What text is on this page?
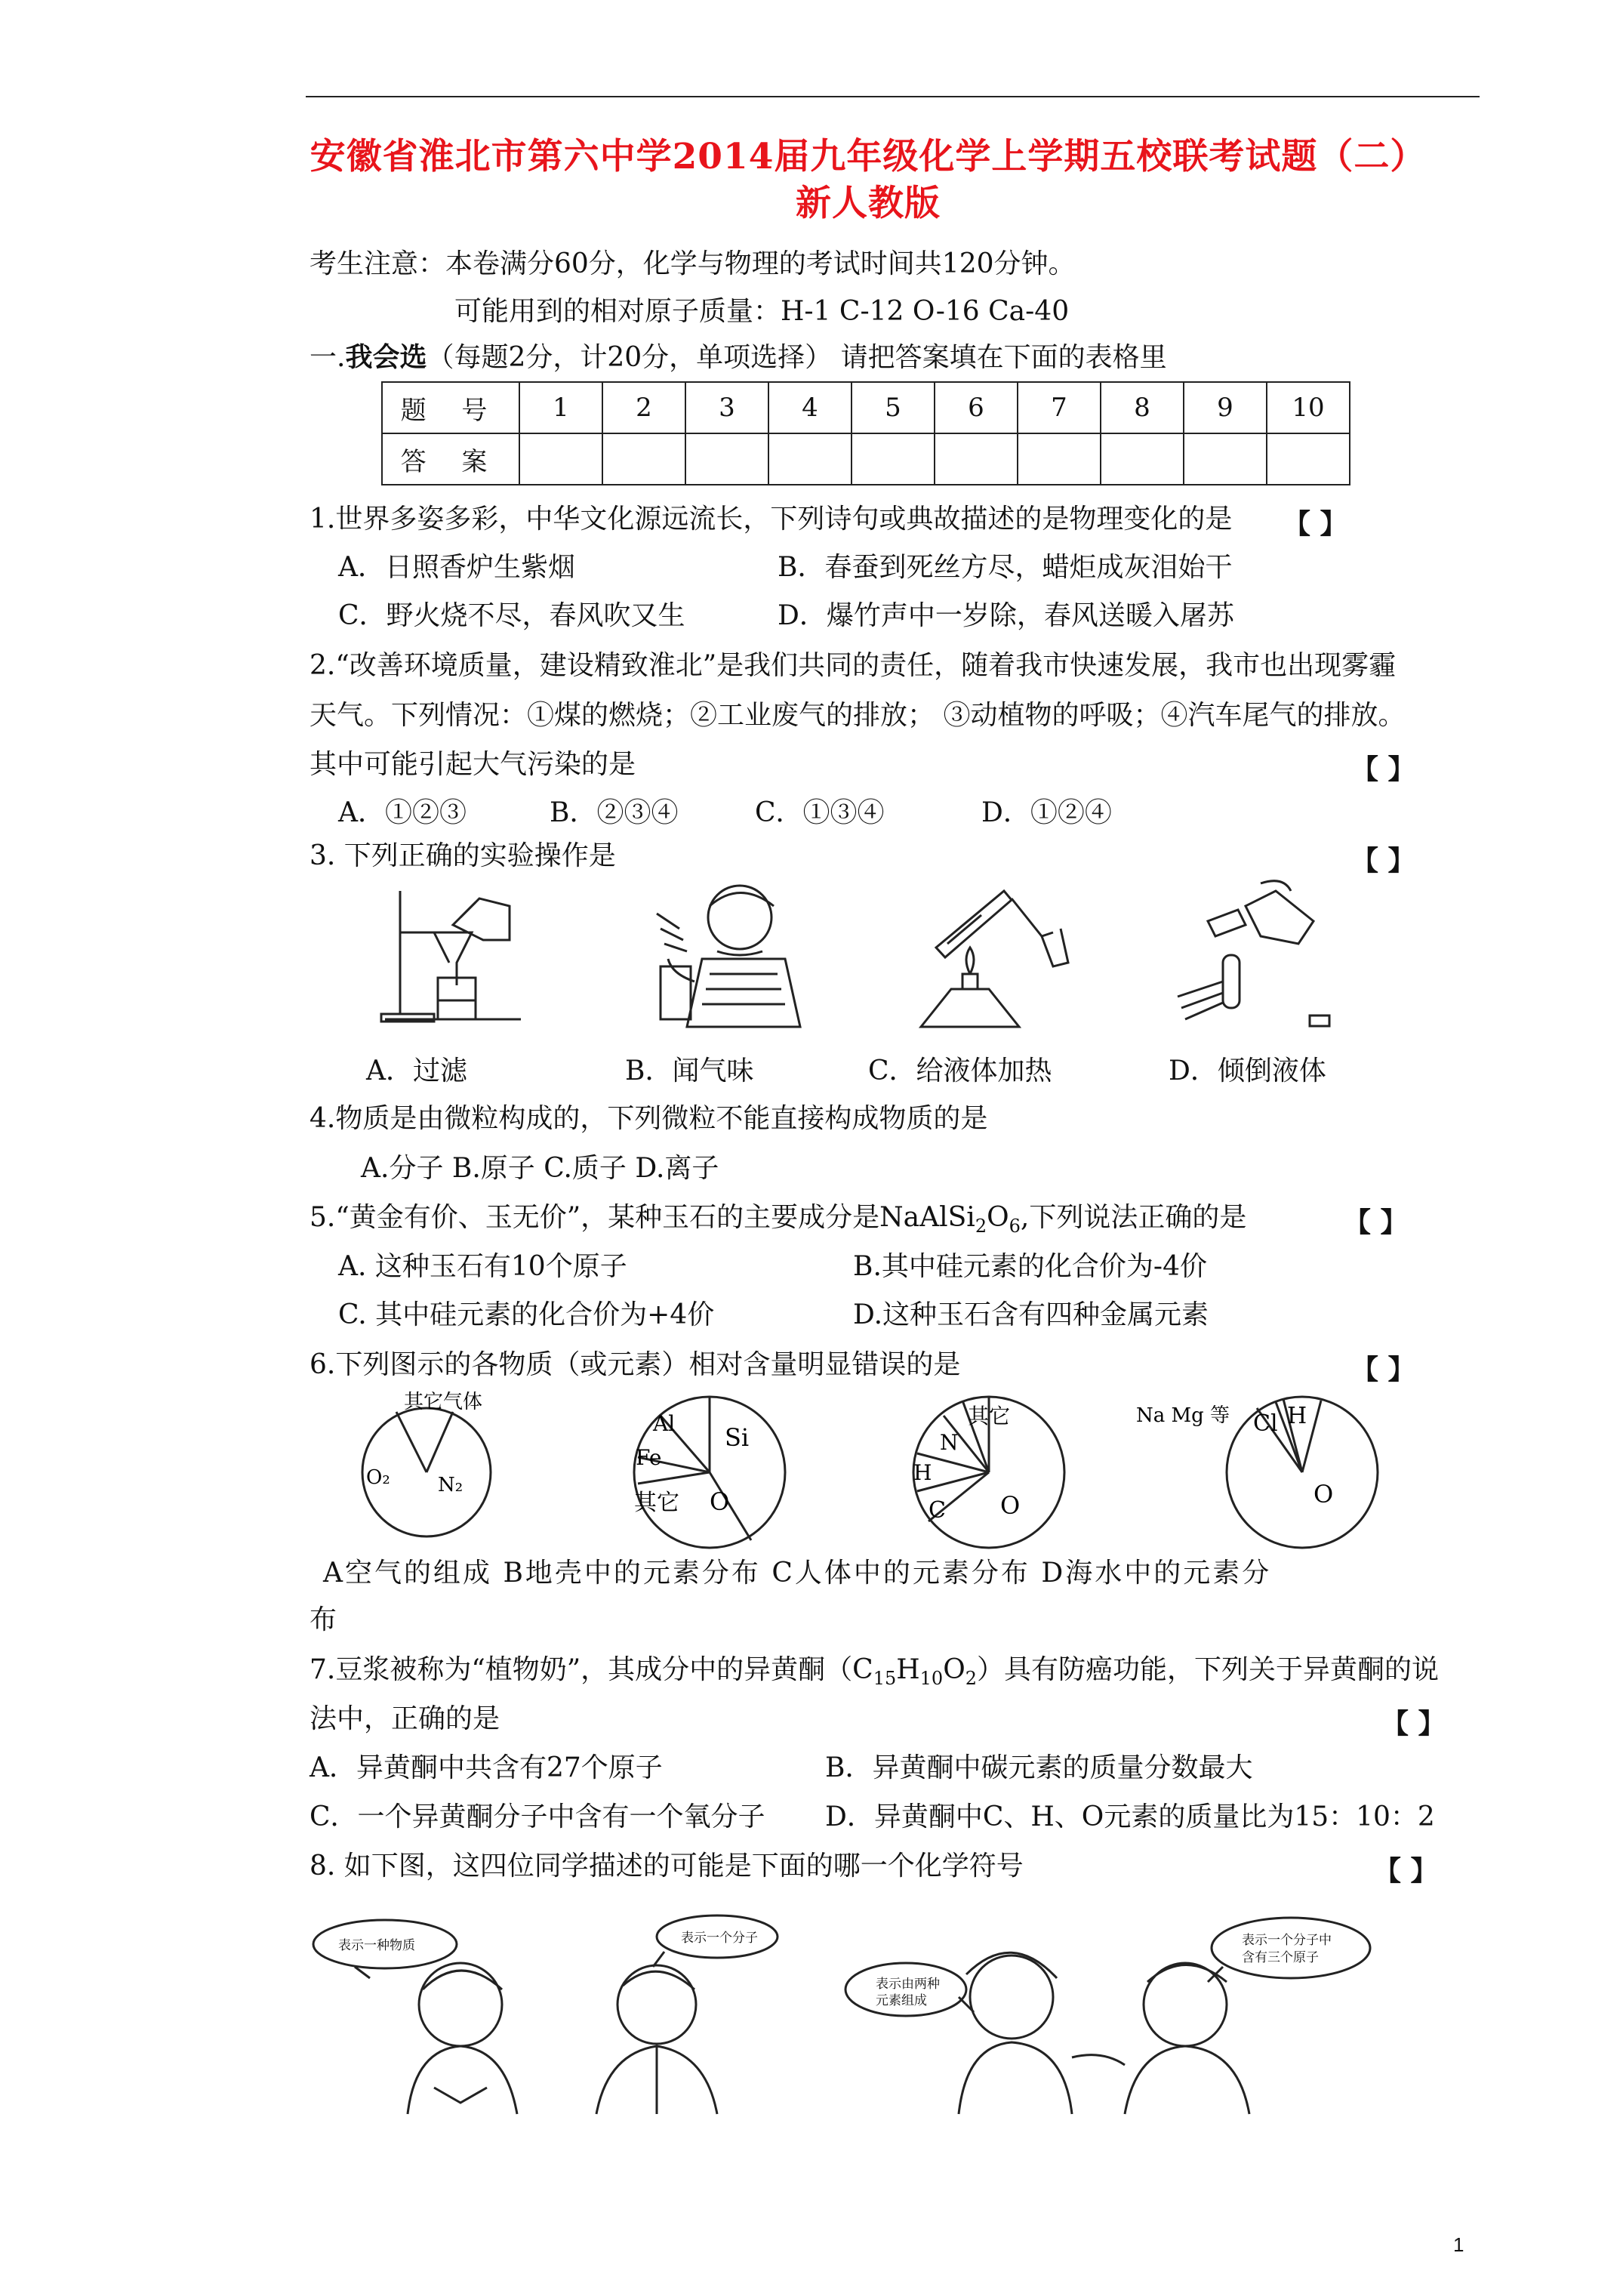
安徽省淮北市第六中学2014届九年级化学上学期五校联考试题（二）
新人教版
考生注意：本卷满分60分，化学与物理的考试时间共120分钟。
可能用到的相对原子质量：H-1 C-12 O-16 Ca-40
一.我会选（每题2分，计20分，单项选择） 请把答案填在下面的表格里
题 号	1	2	3	4	5	6	7	8	9	10
答 案										
1.世界多姿多彩，中华文化源远流长，下列诗句或典故描述的是物理变化的是 【 】
A．日照香炉生紫烟	B．春蚕到死丝方尽，蜡炬成灰泪始干
C．野火烧不尽，春风吹又生	D．爆竹声中一岁除，春风送暖入屠苏
2.“改善环境质量，建设精致淮北”是我们共同的责任，随着我市快速发展，我市也出现雾霾
天气。下列情况：①煤的燃烧；②工业废气的排放； ③动植物的呼吸；④汽车尾气的排放。
其中可能引起大气污染的是	【 】
A．①②③	B．②③④	C．①③④	D．①②④
3. 下列正确的实验操作是	【 】
A．过滤	B．闻气味	C．给液体加热	D．倾倒液体
4.物质是由微粒构成的，下列微粒不能直接构成物质的是
A.分子 B.原子 C.质子 D.离子
5.“黄金有价、玉无价”，某种玉石的主要成分是$NaAlSi_2O_6$,下列说法正确的是	【 】
A. 这种玉石有10个原子	B.其中硅元素的化合价为-4价
C. 其中硅元素的化合价为+4价	D.这种玉石含有四种金属元素
6.下列图示的各物质（或元素）相对含量明显错误的是	【 】
其它气体
O₂ N₂
Al
Fe
Si
其它 O
其它
N
H
C O
Na Mg 等 Cl H
O
A空气的组成 B地壳中的元素分布 C人体中的元素分布 D海水中的元素分
布
7.豆浆被称为“植物奶”，其成分中的异黄酮$(C_{15}H_{10}O_2)$具有防癌功能，下列关于异黄酮的说
法中，正确的是	【 】
A．异黄酮中共含有27个原子	B．异黄酮中碳元素的质量分数最大
C．一个异黄酮分子中含有一个氧分子 D．异黄酮中C、H、O元素的质量比为15：10：2
8. 如下图，这四位同学描述的可能是下面的哪一个化学符号	【 】
表示一种物质	表示一个分子
表示由两种
元素组成
表示一个分子中
含有三个原子
1
